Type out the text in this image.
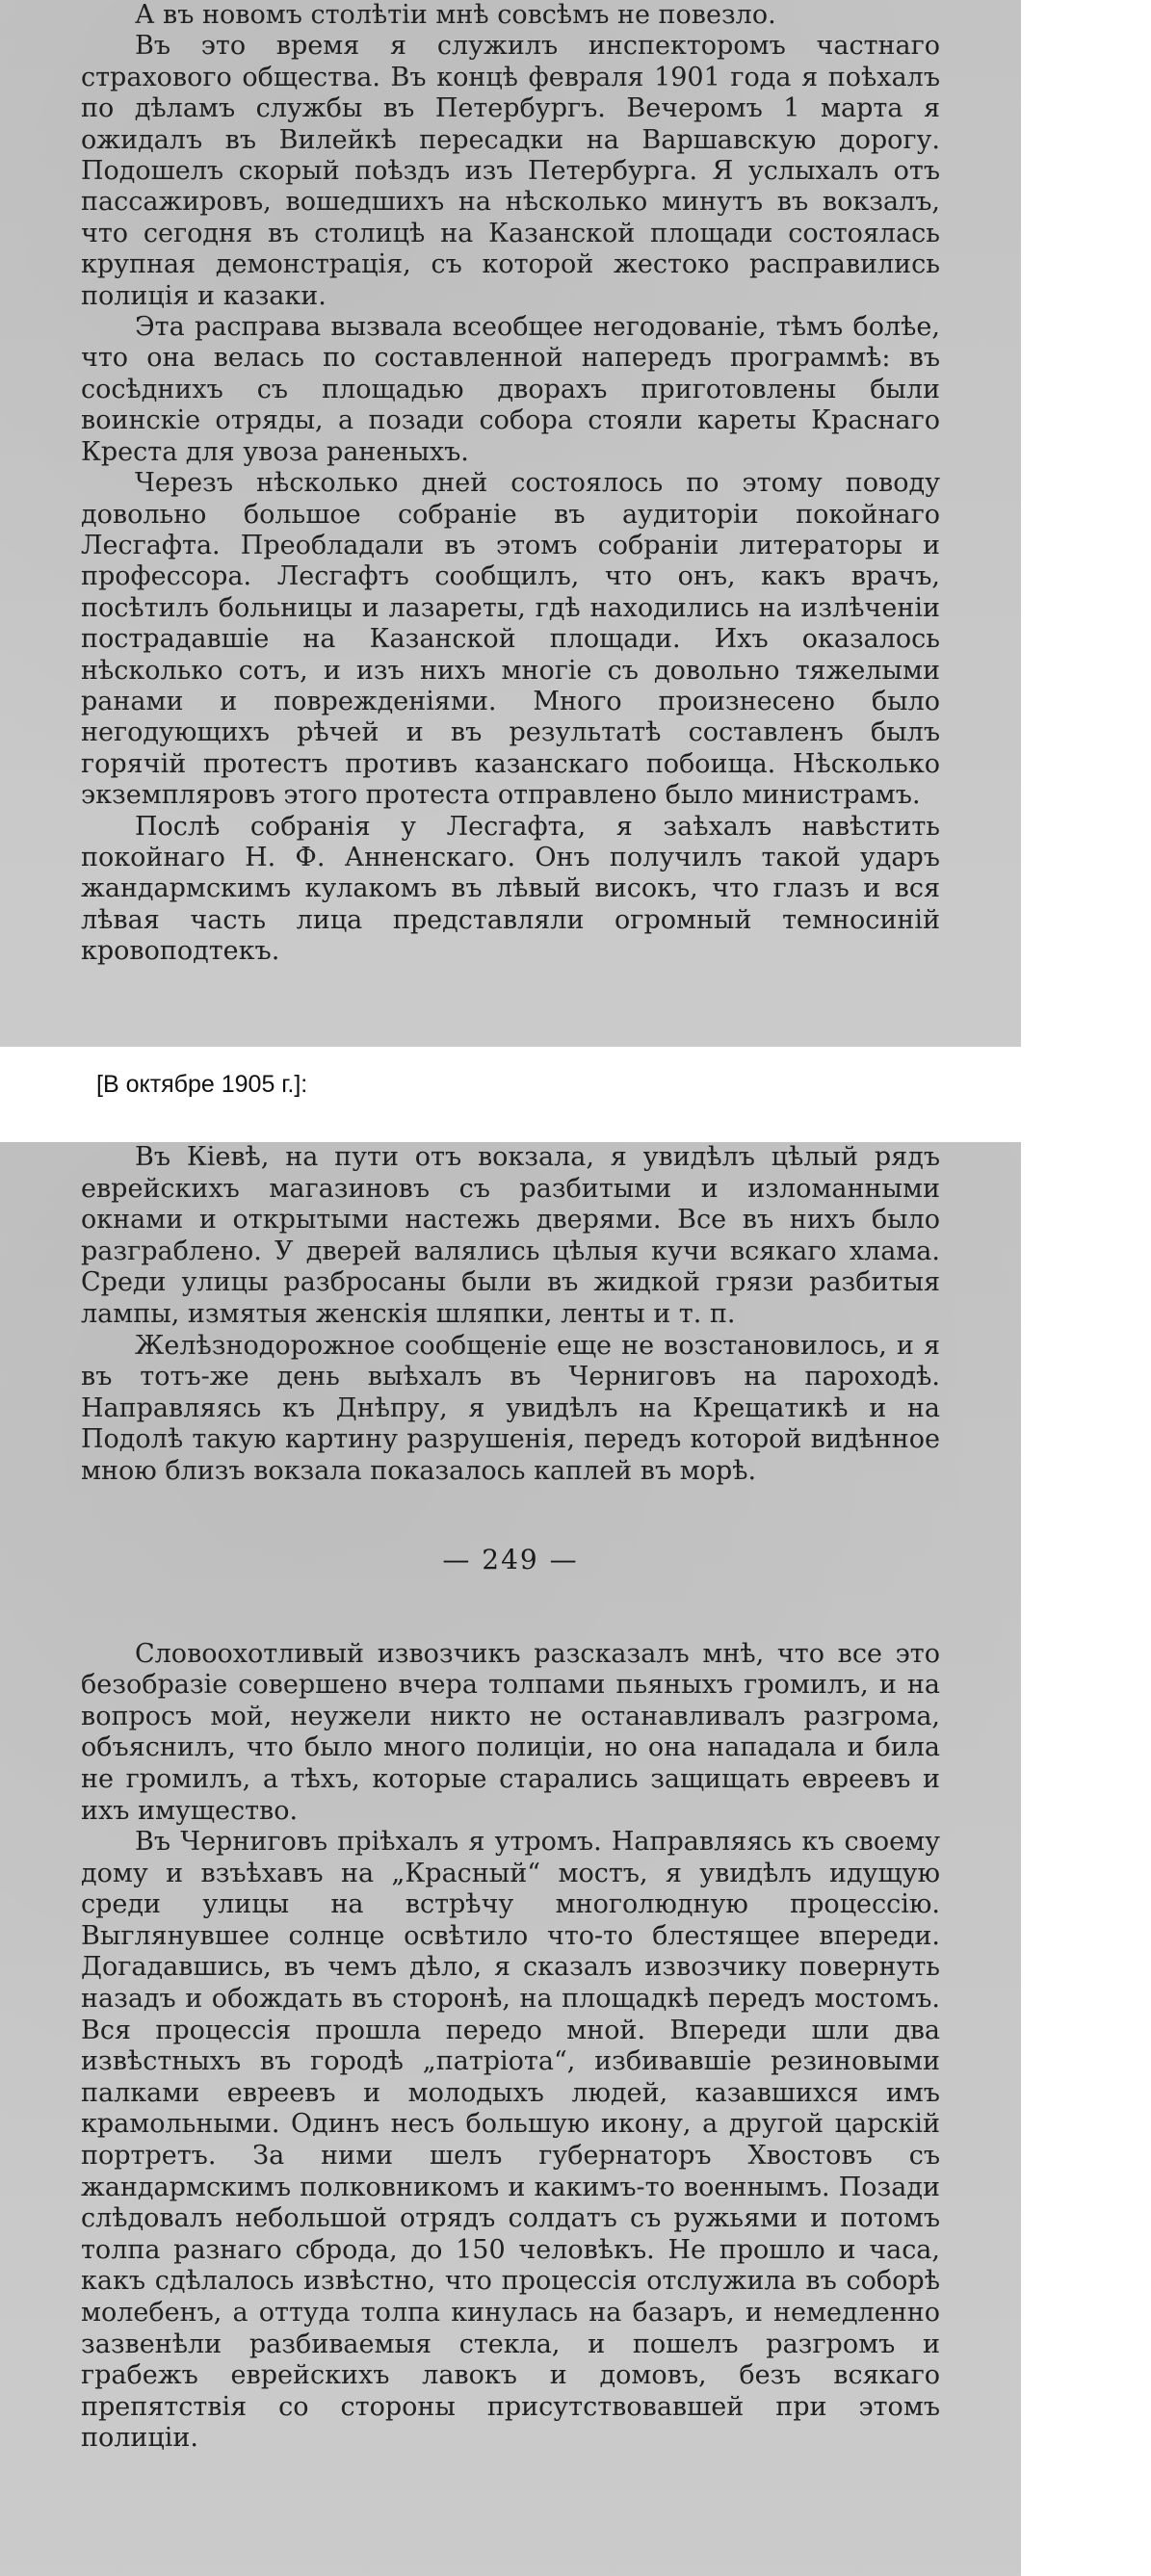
А въ новомъ столѣтіи мнѣ совсѣмъ не повезло.

Въ это время я служилъ инспекторомъ частнаго страхового общества. Въ концѣ февраля 1901 года я поѣхалъ по дѣламъ службы въ Петербургъ. Вечеромъ 1 марта я ожидалъ въ Вилейкѣ пересадки на Варшавскую дорогу. Подошелъ скорый поѣздъ изъ Петербурга. Я услыхалъ отъ пассажировъ, вошедшихъ на нѣсколько минутъ въ вокзалъ, что сегодня въ столицѣ на Казанской площади состоялась крупная демонстрація, съ которой жестоко расправились полиція и казаки.

Эта расправа вызвала всеобщее негодованіе, тѣмъ болѣе, что она велась по составленной напередъ программѣ: въ сосѣднихъ съ площадью дворахъ приготовлены были воинскіе отряды, а позади собора стояли кареты Краснаго Креста для увоза раненыхъ.

Черезъ нѣсколько дней состоялось по этому поводу довольно большое собраніе въ аудиторіи покойнаго Лесгафта. Преобладали въ этомъ собраніи литераторы и профессора. Лесгафтъ сообщилъ, что онъ, какъ врачъ, посѣтилъ больницы и лазареты, гдѣ находились на излѣченіи пострадавшіе на Казанской площади. Ихъ оказалось нѣсколько сотъ, и изъ нихъ многіе съ довольно тяжелыми ранами и поврежденіями. Много произнесено было негодующихъ рѣчей и въ результатѣ составленъ былъ горячій протестъ противъ казанскаго побоища. Нѣсколько экземпляровъ этого протеста отправлено было министрамъ.

Послѣ собранія у Лесгафта, я заѣхалъ навѣстить покойнаго Н. Ф. Анненскаго. Онъ получилъ такой ударъ жандармскимъ кулакомъ въ лѣвый високъ, что глазъ и вся лѣвая часть лица представляли огромный темносиній кровоподтекъ.

[В октябре 1905 г.]:

Въ Кіевѣ, на пути отъ вокзала, я увидѣлъ цѣлый рядъ еврейскихъ магазиновъ съ разбитыми и изломанными окнами и открытыми настежь дверями. Все въ нихъ было разграблено. У дверей валялись цѣлыя кучи всякаго хлама. Среди улицы разбросаны были въ жидкой грязи разбитыя лампы, измятыя женскія шляпки, ленты и т. п.

Желѣзнодорожное сообщеніе еще не возстановилось, и я въ тотъ-же день выѣхалъ въ Черниговъ на пароходѣ. Направляясь къ Днѣпру, я увидѣлъ на Крещатикѣ и на Подолѣ такую картину разрушенія, передъ которой видѣнное мною близъ вокзала показалось каплей въ морѣ.

— 249 —

Словоохотливый извозчикъ разсказалъ мнѣ, что все это безобразіе совершено вчера толпами пьяныхъ громилъ, и на вопросъ мой, неужели никто не останавливалъ разгрома, объяснилъ, что было много полиціи, но она нападала и била не громилъ, а тѣхъ, которые старались защищать евреевъ и ихъ имущество.

Въ Черниговъ пріѣхалъ я утромъ. Направляясь къ своему дому и взъѣхавъ на „Красный“ мостъ, я увидѣлъ идущую среди улицы на встрѣчу многолюдную процессію. Выглянувшее солнце освѣтило что-то блестящее впереди. Догадавшись, въ чемъ дѣло, я сказалъ извозчику повернуть назадъ и обождать въ сторонѣ, на площадкѣ передъ мостомъ. Вся процессія прошла передо мной. Впереди шли два извѣстныхъ въ городѣ „патріота“, избивавшіе резиновыми палками евреевъ и молодыхъ людей, казавшихся имъ крамольными. Одинъ несъ большую икону, а другой царскій портретъ. За ними шелъ губернаторъ Хвостовъ съ жандармскимъ полковникомъ и какимъ-то военнымъ. Позади слѣдовалъ небольшой отрядъ солдатъ съ ружьями и потомъ толпа разнаго сброда, до 150 человѣкъ. Не прошло и часа, какъ сдѣлалось извѣстно, что процессія отслужила въ соборѣ молебенъ, а оттуда толпа кинулась на базаръ, и немедленно зазвенѣли разбиваемыя стекла, и пошелъ разгромъ и грабежъ еврейскихъ лавокъ и домовъ, безъ всякаго препятствія со стороны присутствовавшей при этомъ полиціи.
